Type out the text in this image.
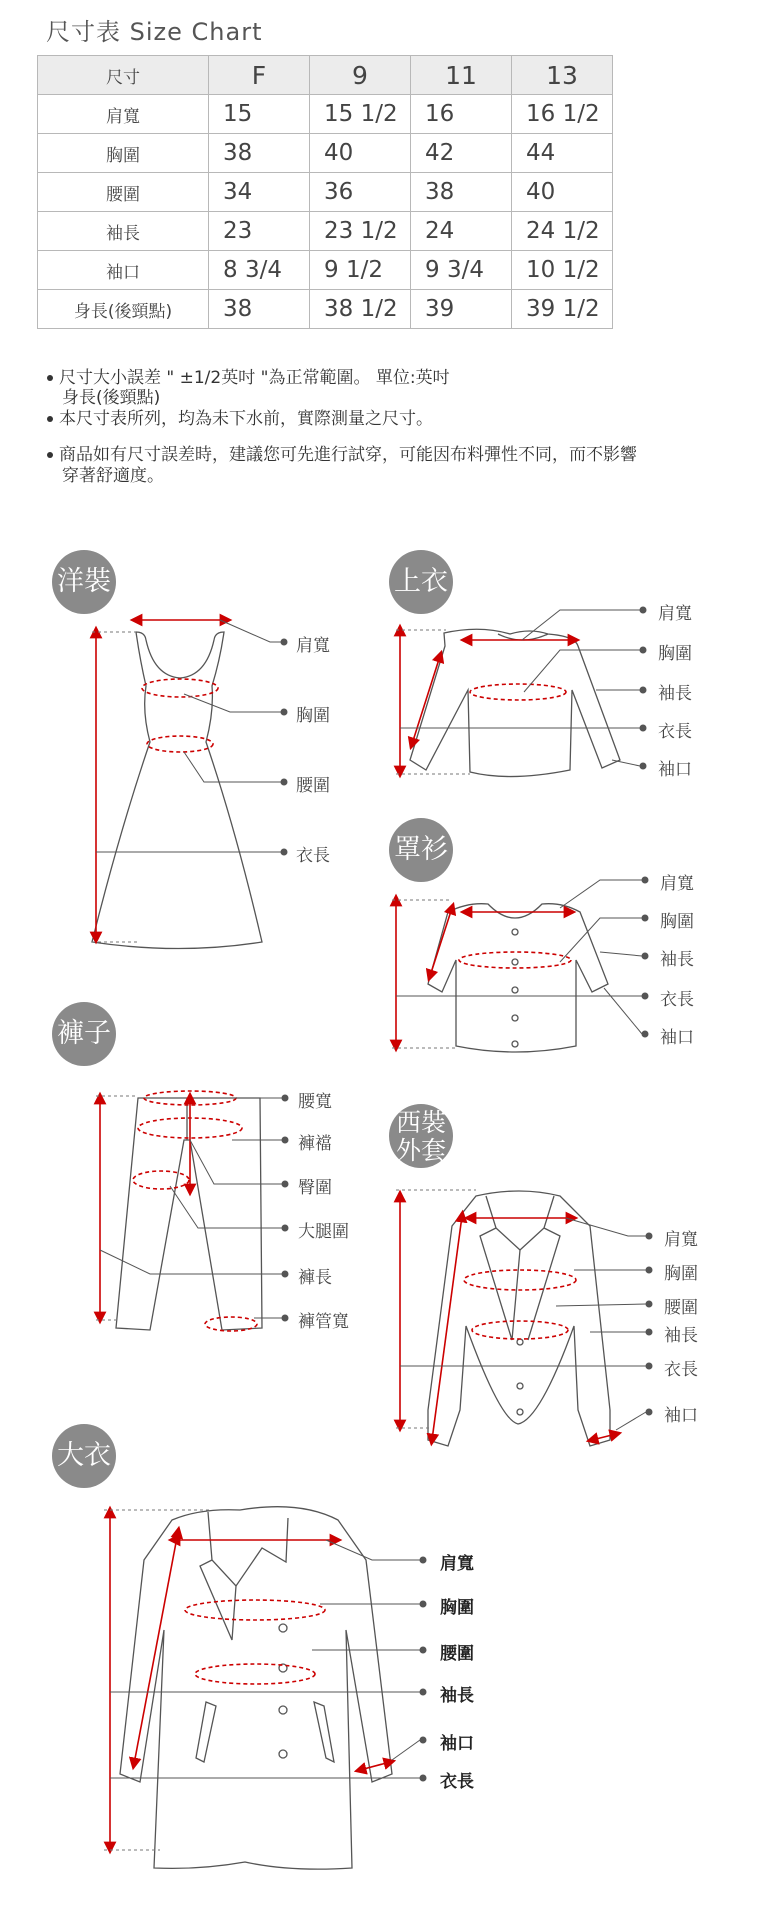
尺寸表 Size Chart
尺寸	F	9	11	13
肩寬	15	15 1/2	16	16 1/2
胸圍	38	40	42	44
腰圍	34	36	38	40
袖長	23	23 1/2	24	24 1/2
袖口	8 3/4	9 1/2	9 3/4	10 1/2
身長(後頸點)	38	38 1/2	39	39 1/2
尺寸大小誤差 " ±1/2英吋 "為正常範圍。 單位:英吋
身長(後頸點)
本尺寸表所列，均為未下水前，實際測量之尺寸。
商品如有尺寸誤差時，建議您可先進行試穿，可能因布料彈性不同，而不影響
穿著舒適度。
洋裝	上衣
罩衫
褲子
西裝
外套
大衣
肩寬
胸圍
腰圍
衣長
肩寬
胸圍
袖長
衣長
袖口
肩寬
胸圍
袖長
衣長
袖口
腰寬
褲襠
臀圍
大腿圍
褲長
褲管寬
肩寬
胸圍
腰圍
袖長
衣長
袖口
肩寬
胸圍
腰圍
袖長
袖口
衣長
